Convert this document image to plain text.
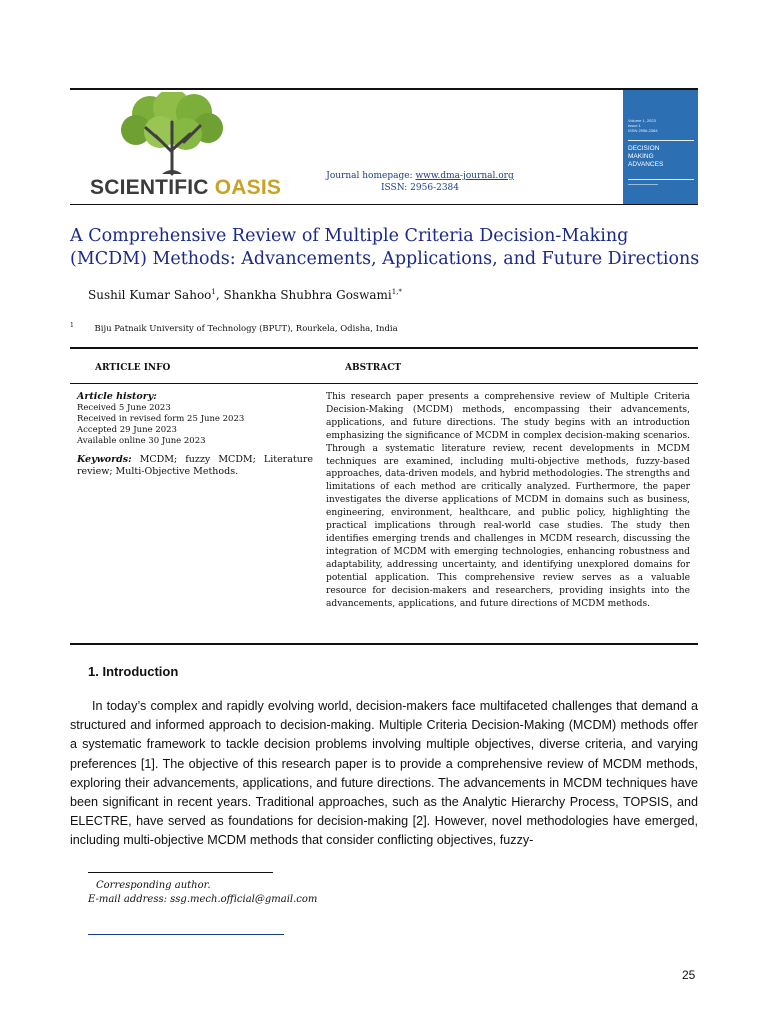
SCIENTIFIC OASIS	Journal homepage: www.dma-journal.org
ISSN: 2956-2384
Volume 1, 2023
Issue 1
ISSN 2956-2384
DECISION MAKING ADVANCES
A Comprehensive Review of Multiple Criteria Decision-Making
(MCDM) Methods: Advancements, Applications, and Future Directions
Sushil Kumar Sahoo$^1$, Shankha Shubhra Goswami$^{1,*}$
$^1$ Biju Patnaik University of Technology (BPUT), Rourkela, Odisha, India
ARTICLE INFO	ABSTRACT
Article history:
Received 5 June 2023
Received in revised form 25 June 2023
Accepted 29 June 2023
Available online 30 June 2023
Keywords: MCDM; fuzzy MCDM; Literature review; Multi-Objective Methods.
This research paper presents a comprehensive review of Multiple Criteria Decision-Making (MCDM) methods, encompassing their advancements, applications, and future directions. The study begins with an introduction emphasizing the significance of MCDM in complex decision-making scenarios. Through a systematic literature review, recent developments in MCDM techniques are examined, including multi-objective methods, fuzzy-based approaches, data-driven models, and hybrid methodologies. The strengths and limitations of each method are critically analyzed. Furthermore, the paper investigates the diverse applications of MCDM in domains such as business, engineering, environment, healthcare, and public policy, highlighting the practical implications through real-world case studies. The study then identifies emerging trends and challenges in MCDM research, discussing the integration of MCDM with emerging technologies, enhancing robustness and adaptability, addressing uncertainty, and identifying unexplored domains for potential application. This comprehensive review serves as a valuable resource for decision-makers and researchers, providing insights into the advancements, applications, and future directions of MCDM methods.
1. Introduction
In today’s complex and rapidly evolving world, decision-makers face multifaceted challenges that demand a structured and informed approach to decision-making. Multiple Criteria Decision-Making (MCDM) methods offer a systematic framework to tackle decision problems involving multiple objectives, diverse criteria, and varying preferences [1]. The objective of this research paper is to provide a comprehensive review of MCDM methods, exploring their advancements, applications, and future directions. The advancements in MCDM techniques have been significant in recent years. Traditional approaches, such as the Analytic Hierarchy Process, TOPSIS, and ELECTRE, have served as foundations for decision-making [2]. However, novel methodologies have emerged, including multi-objective MCDM methods that consider conflicting objectives, fuzzy-
Corresponding author.
E-mail address: ssg.mech.official@gmail.com
25
